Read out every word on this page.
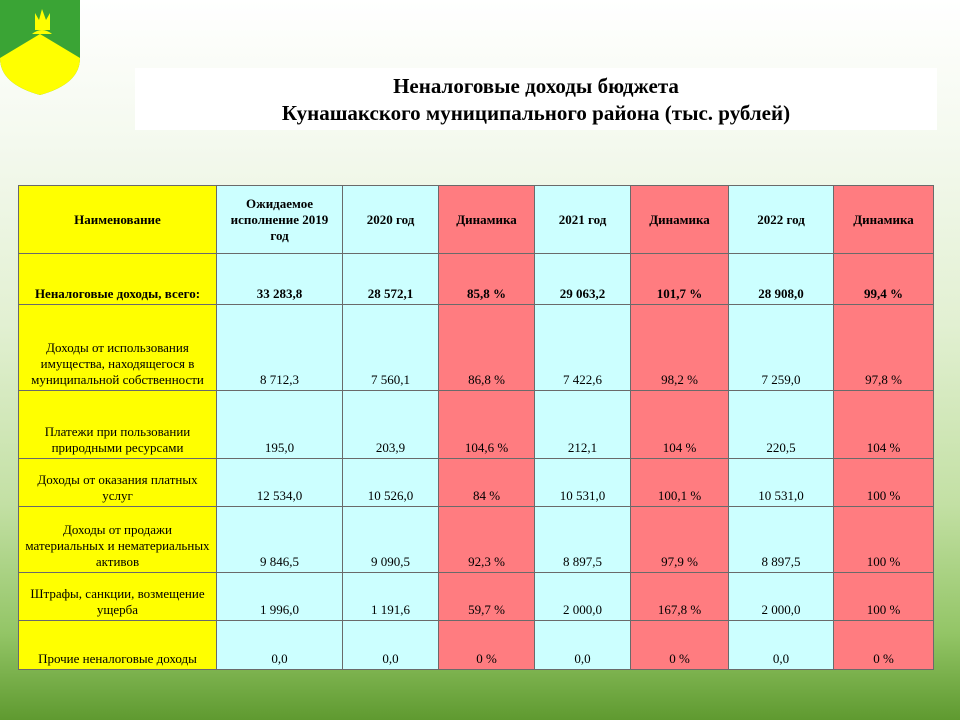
Неналоговые доходы бюджета
Кунашакского муниципального района (тыс. рублей)
Наименование	Ожидаемое исполнение 2019 год	2020 год	Динамика	2021 год	Динамика	2022 год	Динамика
Неналоговые доходы, всего:	33 283,8	28 572,1	85,8 %	29 063,2	101,7 %	28 908,0	99,4 %
Доходы от использования имущества, находящегося в муниципальной собственности	8 712,3	7 560,1	86,8 %	7 422,6	98,2 %	7 259,0	97,8 %
Платежи при пользовании природными ресурсами	195,0	203,9	104,6 %	212,1	104 %	220,5	104 %
Доходы от оказания платных услуг	12 534,0	10 526,0	84 %	10 531,0	100,1 %	10 531,0	100 %
Доходы от продажи материальных и нематериальных активов	9 846,5	9 090,5	92,3 %	8 897,5	97,9 %	8 897,5	100 %
Штрафы, санкции, возмещение ущерба	1 996,0	1 191,6	59,7 %	2 000,0	167,8 %	2 000,0	100 %
Прочие неналоговые доходы	0,0	0,0	0 %	0,0	0 %	0,0	0 %
